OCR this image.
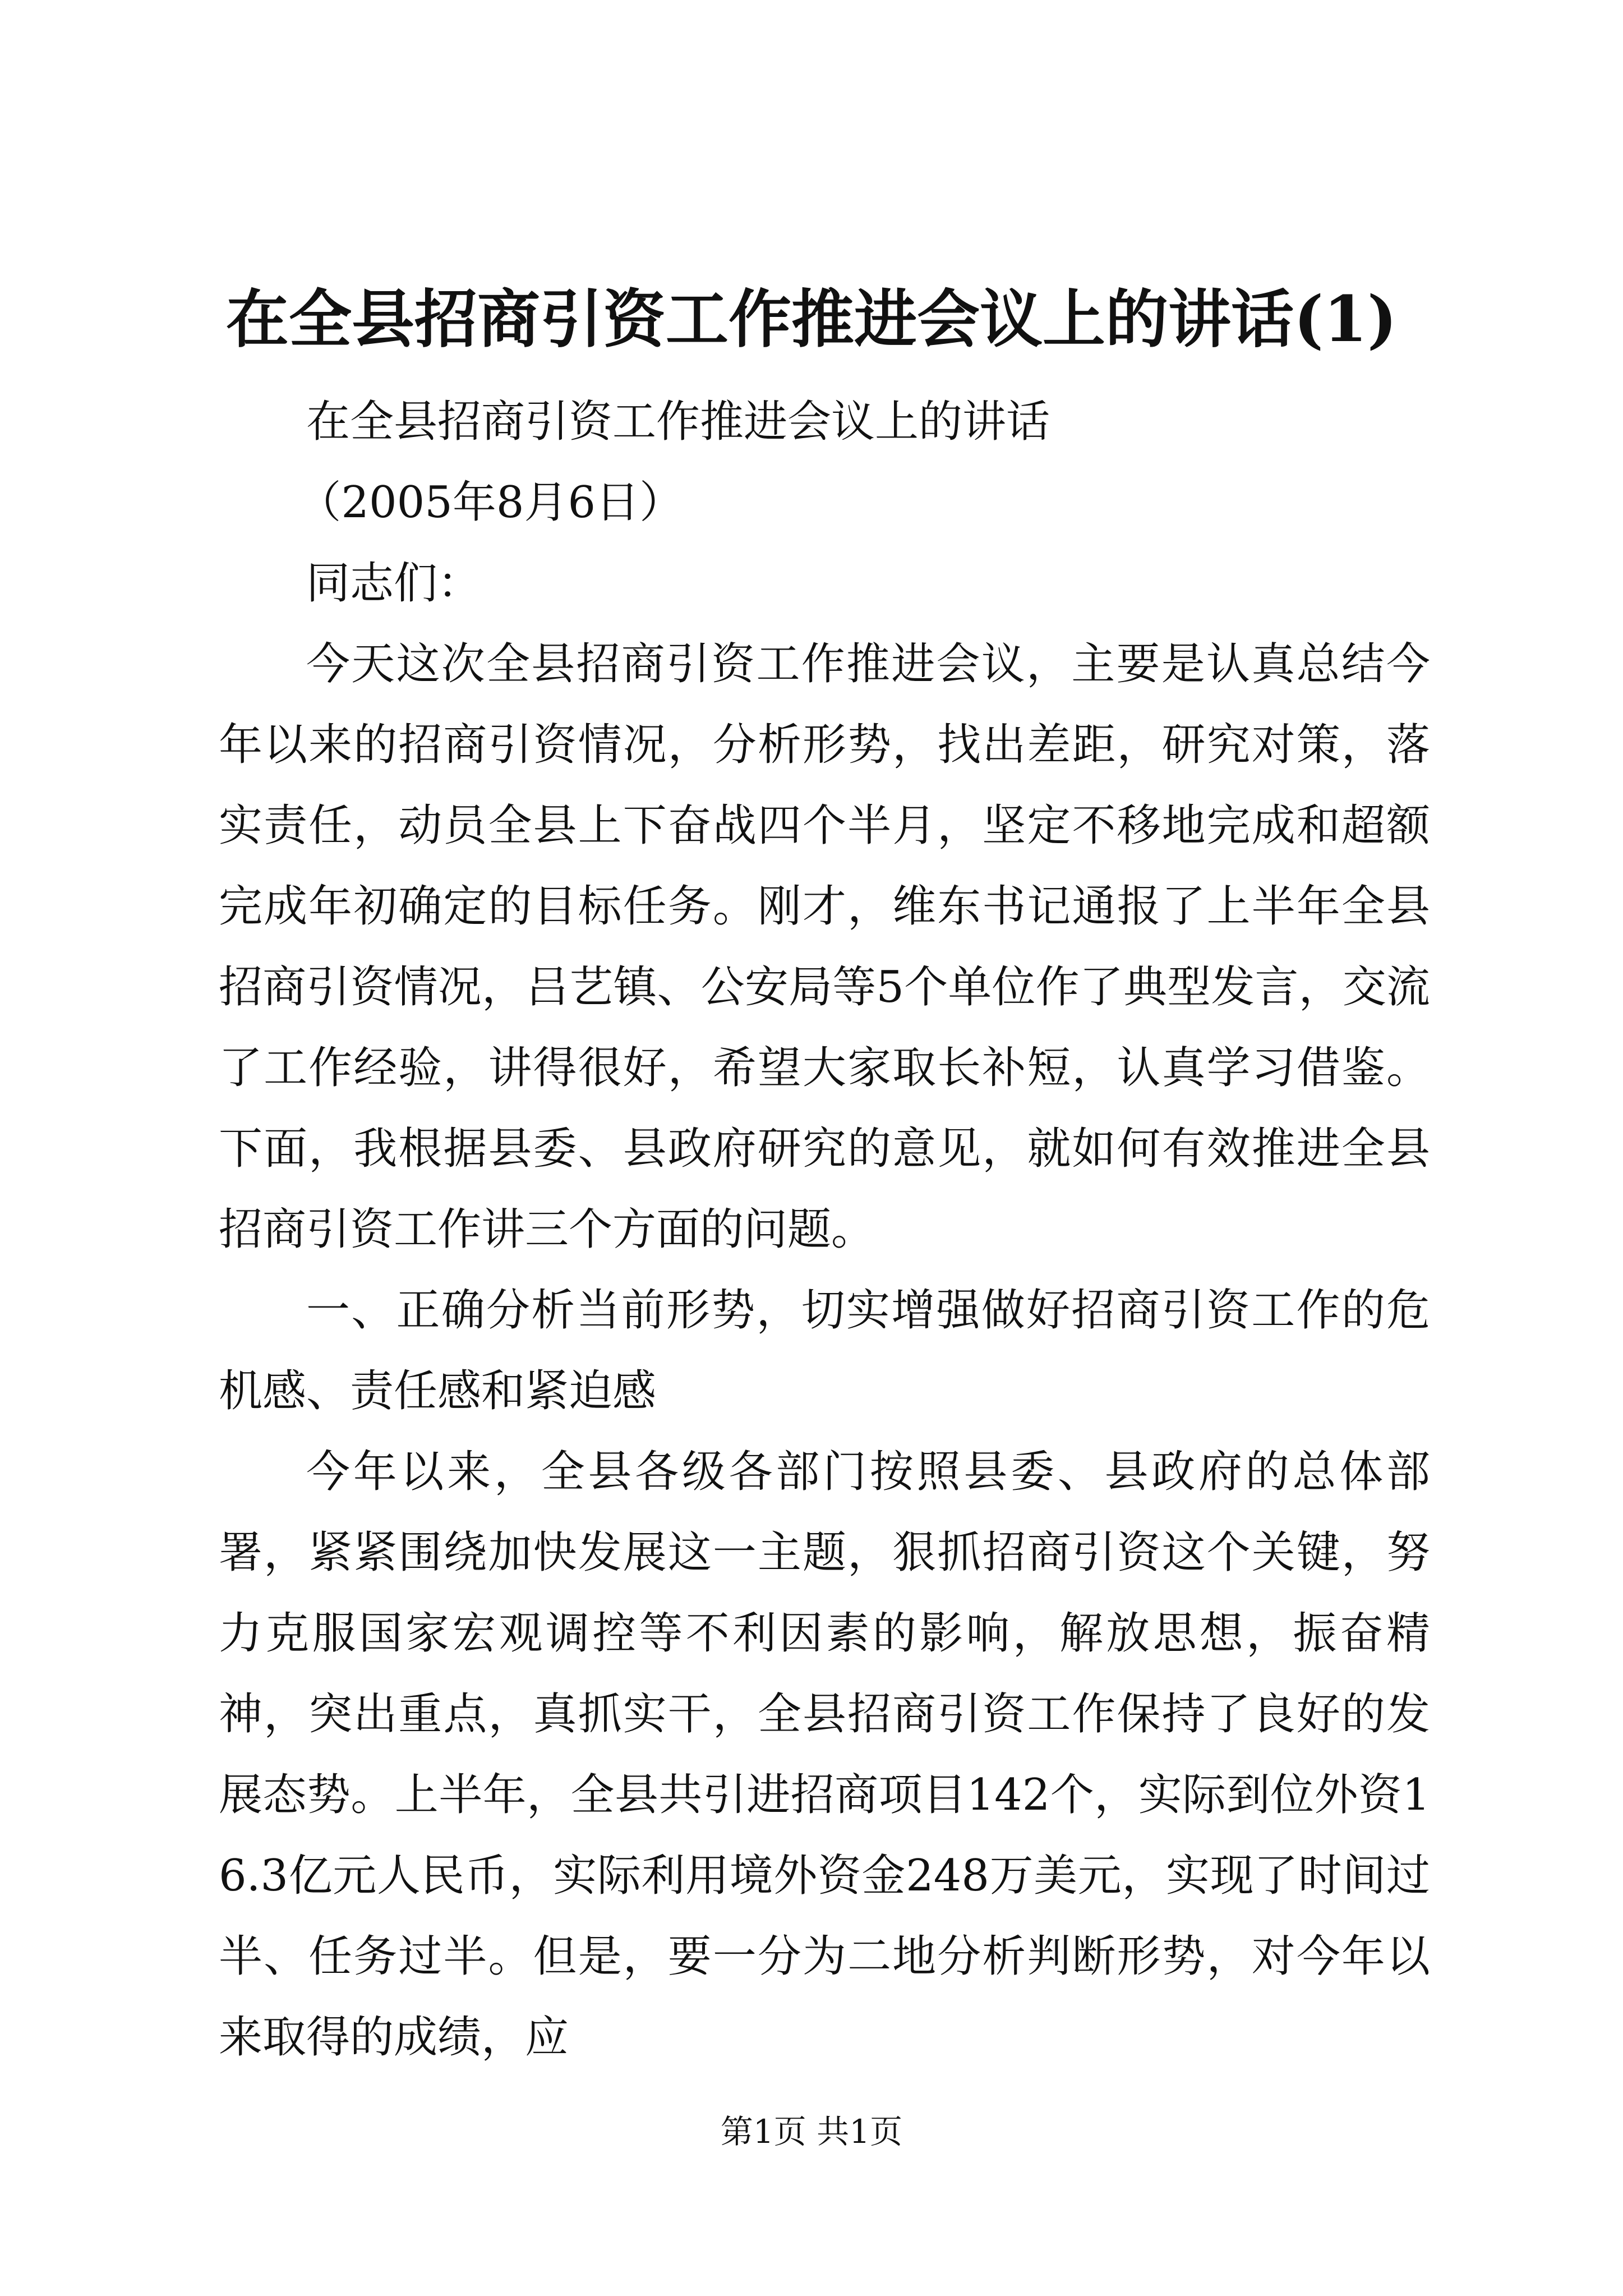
在全县招商引资工作推进会议上的讲话(1)

在全县招商引资工作推进会议上的讲话

（2005年8月6日）

同志们：

今天这次全县招商引资工作推进会议，主要是认真总结今年以来的招商引资情况，分析形势，找出差距，研究对策，落实责任，动员全县上下奋战四个半月，坚定不移地完成和超额完成年初确定的目标任务。刚才，维东书记通报了上半年全县招商引资情况，吕艺镇、公安局等5个单位作了典型发言，交流了工作经验，讲得很好，希望大家取长补短，认真学习借鉴。下面，我根据县委、县政府研究的意见，就如何有效推进全县招商引资工作讲三个方面的问题。

一、正确分析当前形势，切实增强做好招商引资工作的危机感、责任感和紧迫感

今年以来，全县各级各部门按照县委、县政府的总体部署，紧紧围绕加快发展这一主题，狠抓招商引资这个关键，努力克服国家宏观调控等不利因素的影响，解放思想，振奋精神，突出重点，真抓实干，全县招商引资工作保持了良好的发展态势。上半年，全县共引进招商项目142个，实际到位外资16.3亿元人民币，实际利用境外资金248万美元，实现了时间过半、任务过半。但是，要一分为二地分析判断形势，对今年以来取得的成绩，应

第1页 共1页
